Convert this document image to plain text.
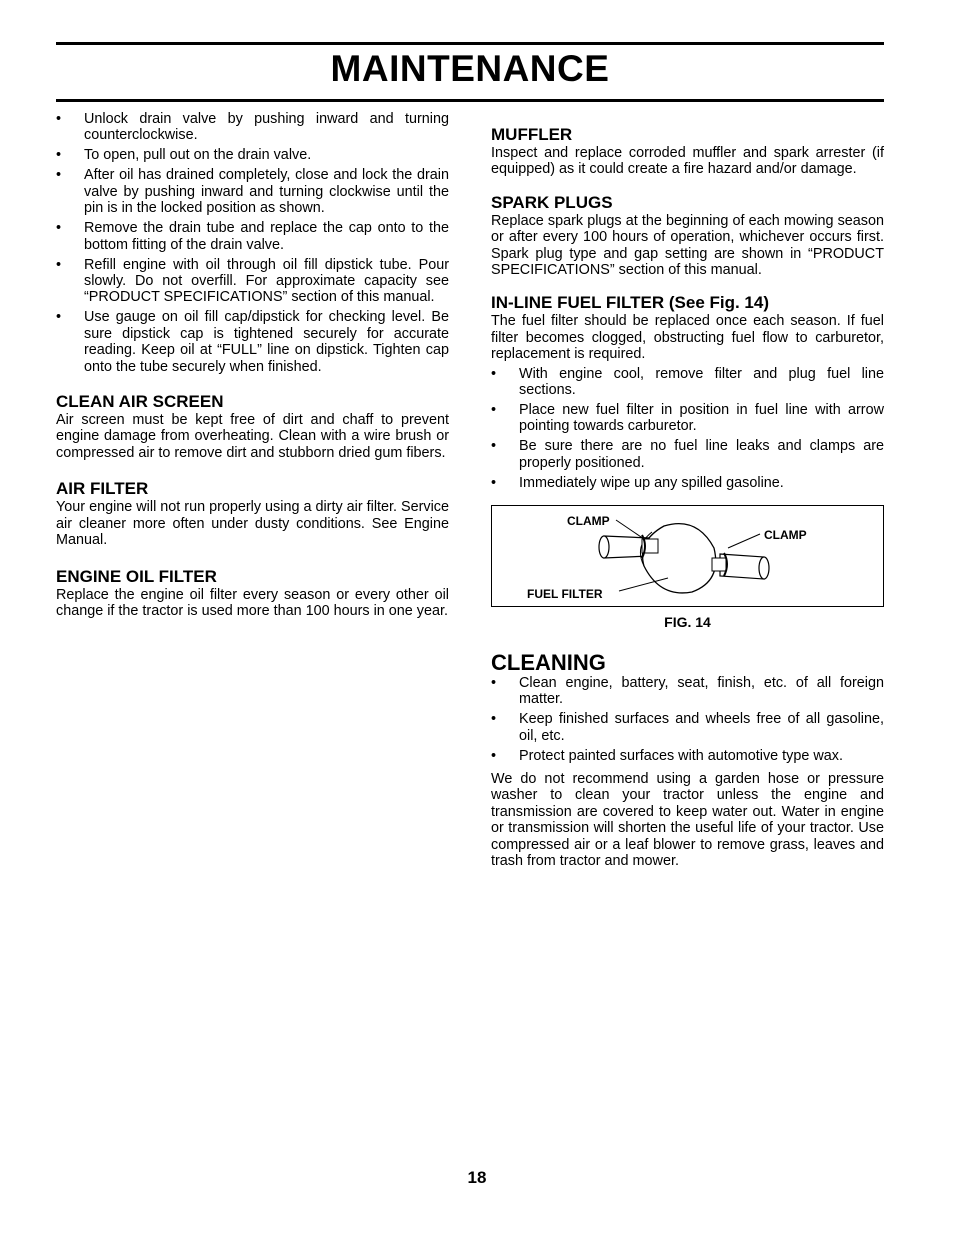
MAINTENANCE
• Unlock drain valve by pushing inward and turning counterclockwise.
• To open, pull out on the drain valve.
• After oil has drained completely, close and lock the drain valve by pushing inward and turning clockwise until the pin is in the locked position as shown.
• Remove the drain tube and replace the cap onto to the bottom fitting of the drain valve.
• Refill engine with oil through oil fill dipstick tube. Pour slowly. Do not overfill. For approximate capacity see “PRODUCT SPECIFICATIONS” section of this manual.
• Use gauge on oil fill cap/dipstick for checking level. Be sure dipstick cap is tightened securely for accurate reading. Keep oil at “FULL” line on dipstick. Tighten cap onto the tube securely when finished.
CLEAN AIR SCREEN

Air screen must be kept free of dirt and chaff to prevent engine damage from overheating. Clean with a wire brush or compressed air to remove dirt and stubborn dried gum fibers.

AIR FILTER

Your engine will not run properly using a dirty air filter. Service air cleaner more often under dusty conditions. See Engine Manual.

ENGINE OIL FILTER

Replace the engine oil filter every season or every other oil change if the tractor is used more than 100 hours in one year.

MUFFLER

Inspect and replace corroded muffler and spark arrester (if equipped) as it could create a fire hazard and/or damage.

SPARK PLUGS

Replace spark plugs at the beginning of each mowing season or after every 100 hours of operation, whichever occurs first. Spark plug type and gap setting are shown in “PRODUCT SPECIFICATIONS” section of this manual.

IN-LINE FUEL FILTER (See Fig. 14)

The fuel filter should be replaced once each season. If fuel filter becomes clogged, obstructing fuel flow to carburetor, replacement is required.

• With engine cool, remove filter and plug fuel line sections.
• Place new fuel filter in position in fuel line with arrow pointing towards carburetor.
• Be sure there are no fuel line leaks and clamps are properly positioned.
• Immediately wipe up any spilled gasoline.
CLAMP
CLAMP
FUEL FILTER
FIG. 14
CLEANING
• Clean engine, battery, seat, finish, etc. of all foreign matter.
• Keep finished surfaces and wheels free of all gasoline, oil, etc.
• Protect painted surfaces with automotive type wax.

We do not recommend using a garden hose or pressure washer to clean your tractor unless the engine and transmission are covered to keep water out. Water in engine or transmission will shorten the useful life of your tractor. Use compressed air or a leaf blower to remove grass, leaves and trash from tractor and mower.

18
